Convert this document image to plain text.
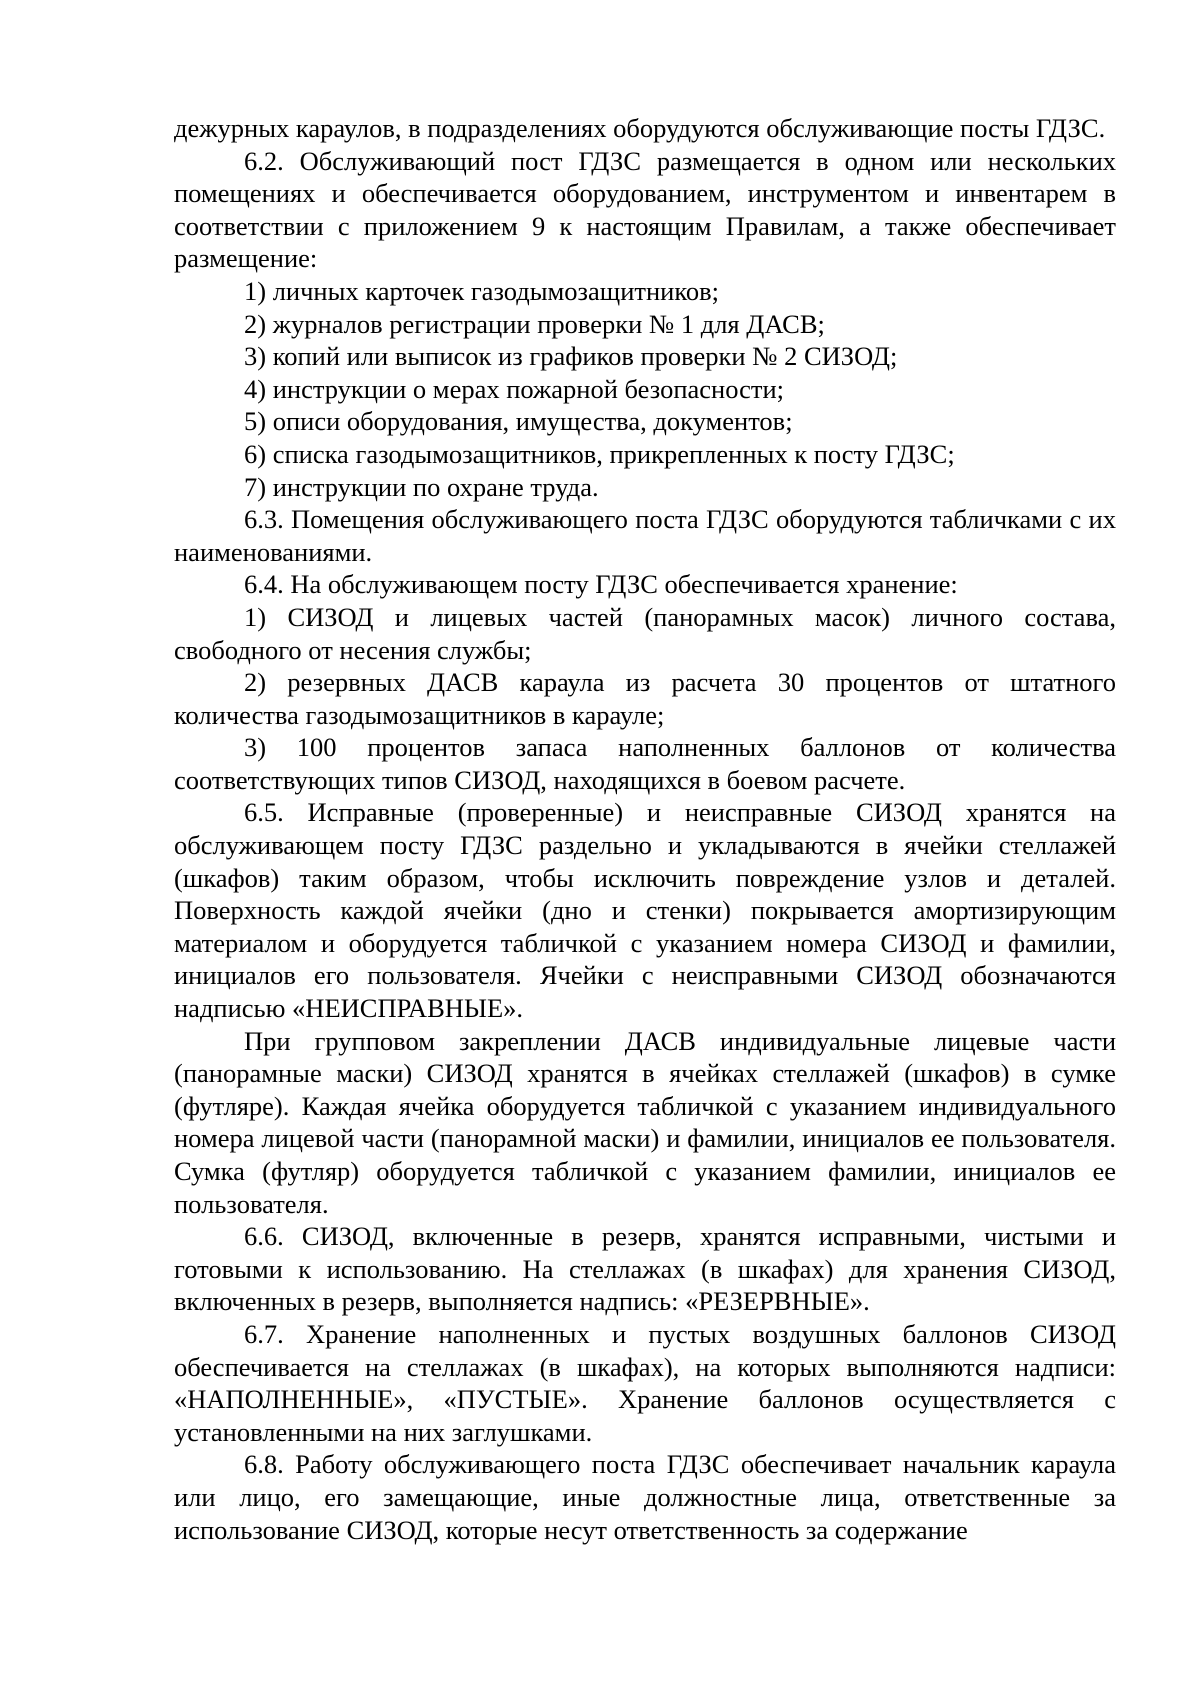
дежурных караулов, в подразделениях оборудуются обслуживающие посты ГДЗС.

6.2. Обслуживающий пост ГДЗС размещается в одном или нескольких помещениях и обеспечивается оборудованием, инструментом и инвентарем в соответствии с приложением 9 к настоящим Правилам, а также обеспечивает размещение:

1) личных карточек газодымозащитников;

2) журналов регистрации проверки № 1 для ДАСВ;

3) копий или выписок из графиков проверки № 2 СИЗОД;

4) инструкции о мерах пожарной безопасности;

5) описи оборудования, имущества, документов;

6) списка газодымозащитников, прикрепленных к посту ГДЗС;

7) инструкции по охране труда.

6.3. Помещения обслуживающего поста ГДЗС оборудуются табличками с их наименованиями.

6.4. На обслуживающем посту ГДЗС обеспечивается хранение:

1) СИЗОД и лицевых частей (панорамных масок) личного состава, свободного от несения службы;

2) резервных ДАСВ караула из расчета 30 процентов от штатного количества газодымозащитников в карауле;

3) 100 процентов запаса наполненных баллонов от количества соответствующих типов СИЗОД, находящихся в боевом расчете.

6.5. Исправные (проверенные) и неисправные СИЗОД хранятся на обслуживающем посту ГДЗС раздельно и укладываются в ячейки стеллажей (шкафов) таким образом, чтобы исключить повреждение узлов и деталей. Поверхность каждой ячейки (дно и стенки) покрывается амортизирующим материалом и оборудуется табличкой с указанием номера СИЗОД и фамилии, инициалов его пользователя. Ячейки с неисправными СИЗОД обозначаются надписью «НЕИСПРАВНЫЕ».

При групповом закреплении ДАСВ индивидуальные лицевые части (панорамные маски) СИЗОД хранятся в ячейках стеллажей (шкафов) в сумке (футляре). Каждая ячейка оборудуется табличкой с указанием индивидуального номера лицевой части (панорамной маски) и фамилии, инициалов ее пользователя. Сумка (футляр) оборудуется табличкой с указанием фамилии, инициалов ее пользователя.

6.6. СИЗОД, включенные в резерв, хранятся исправными, чистыми и готовыми к использованию. На стеллажах (в шкафах) для хранения СИЗОД, включенных в резерв, выполняется надпись: «РЕЗЕРВНЫЕ».

6.7. Хранение наполненных и пустых воздушных баллонов СИЗОД обеспечивается на стеллажах (в шкафах), на которых выполняются надписи: «НАПОЛНЕННЫЕ», «ПУСТЫЕ». Хранение баллонов осуществляется с установленными на них заглушками.

6.8. Работу обслуживающего поста ГДЗС обеспечивает начальник караула или лицо, его замещающие, иные должностные лица, ответственные за использование СИЗОД, которые несут ответственность за содержание
